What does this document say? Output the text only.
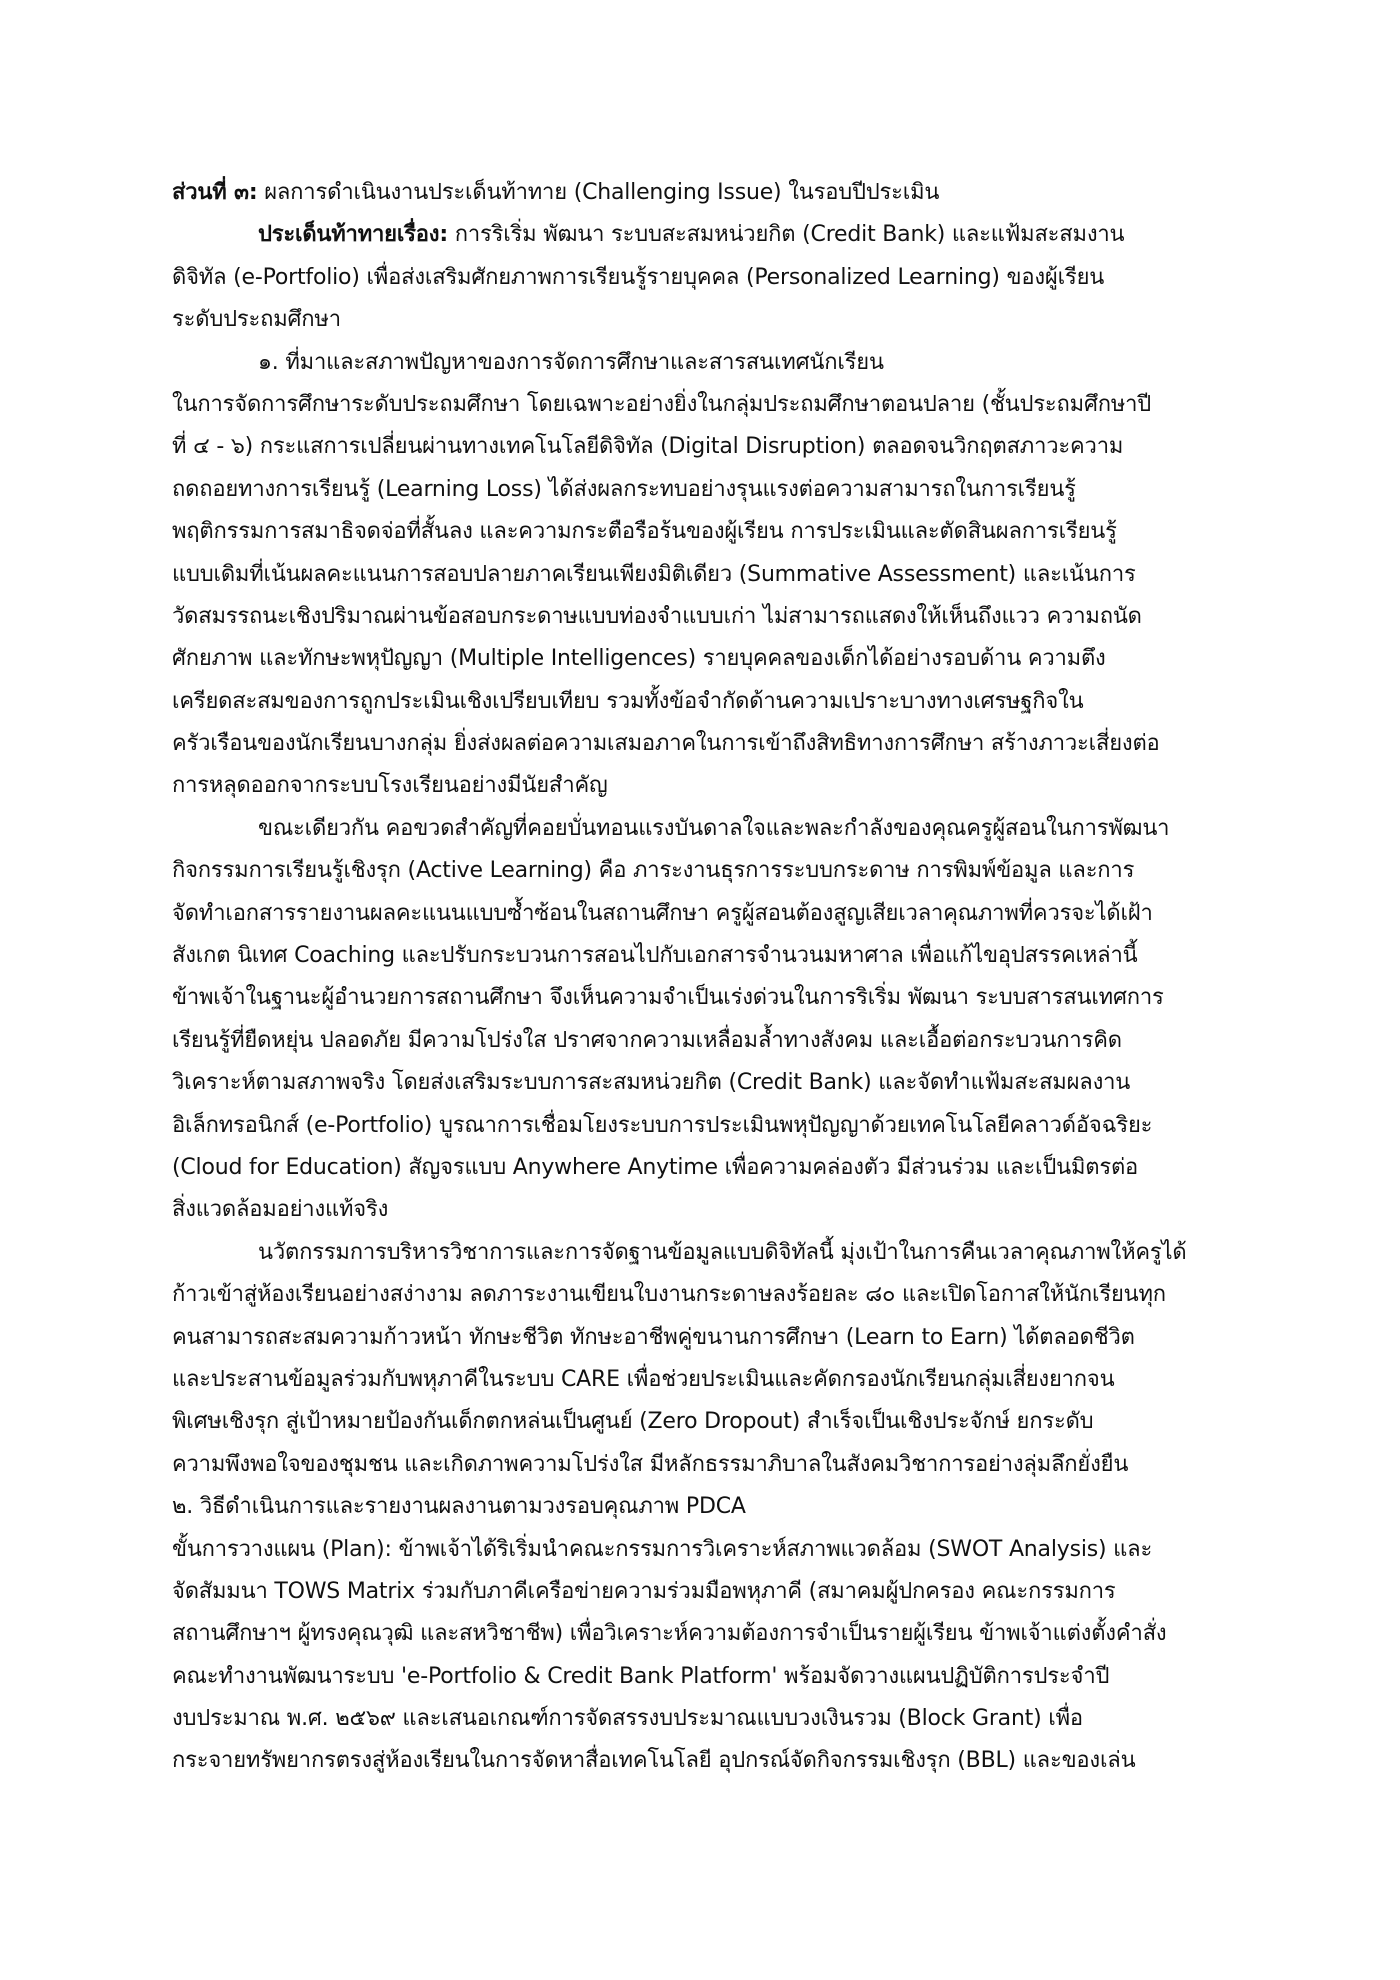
ส่วนที่ ๓: ผลการดำเนินงานประเด็นท้าทาย (Challenging Issue) ในรอบปีประเมิน
ประเด็นท้าทายเรื่อง: การริเริ่ม พัฒนา ระบบสะสมหน่วยกิต (Credit Bank) และแฟ้มสะสมงาน
ดิจิทัล (e-Portfolio) เพื่อส่งเสริมศักยภาพการเรียนรู้รายบุคคล (Personalized Learning) ของผู้เรียน
ระดับประถมศึกษา
๑. ที่มาและสภาพปัญหาของการจัดการศึกษาและสารสนเทศนักเรียน
ในการจัดการศึกษาระดับประถมศึกษา โดยเฉพาะอย่างยิ่งในกลุ่มประถมศึกษาตอนปลาย (ชั้นประถมศึกษาปี
ที่ ๔ - ๖) กระแสการเปลี่ยนผ่านทางเทคโนโลยีดิจิทัล (Digital Disruption) ตลอดจนวิกฤตสภาวะความ
ถดถอยทางการเรียนรู้ (Learning Loss) ได้ส่งผลกระทบอย่างรุนแรงต่อความสามารถในการเรียนรู้
พฤติกรรมการสมาธิจดจ่อที่สั้นลง และความกระตือรือร้นของผู้เรียน การประเมินและตัดสินผลการเรียนรู้
แบบเดิมที่เน้นผลคะแนนการสอบปลายภาคเรียนเพียงมิติเดียว (Summative Assessment) และเน้นการ
วัดสมรรถนะเชิงปริมาณผ่านข้อสอบกระดาษแบบท่องจำแบบเก่า ไม่สามารถแสดงให้เห็นถึงแวว ความถนัด
ศักยภาพ และทักษะพหุปัญญา (Multiple Intelligences) รายบุคคลของเด็กได้อย่างรอบด้าน ความตึง
เครียดสะสมของการถูกประเมินเชิงเปรียบเทียบ รวมทั้งข้อจำกัดด้านความเปราะบางทางเศรษฐกิจใน
ครัวเรือนของนักเรียนบางกลุ่ม ยิ่งส่งผลต่อความเสมอภาคในการเข้าถึงสิทธิทางการศึกษา สร้างภาวะเสี่ยงต่อ
การหลุดออกจากระบบโรงเรียนอย่างมีนัยสำคัญ
ขณะเดียวกัน คอขวดสำคัญที่คอยบั่นทอนแรงบันดาลใจและพละกำลังของคุณครูผู้สอนในการพัฒนา
กิจกรรมการเรียนรู้เชิงรุก (Active Learning) คือ ภาระงานธุรการระบบกระดาษ การพิมพ์ข้อมูล และการ
จัดทำเอกสารรายงานผลคะแนนแบบซ้ำซ้อนในสถานศึกษา ครูผู้สอนต้องสูญเสียเวลาคุณภาพที่ควรจะได้เฝ้า
สังเกต นิเทศ Coaching และปรับกระบวนการสอนไปกับเอกสารจำนวนมหาศาล เพื่อแก้ไขอุปสรรคเหล่านี้
ข้าพเจ้าในฐานะผู้อำนวยการสถานศึกษา จึงเห็นความจำเป็นเร่งด่วนในการริเริ่ม พัฒนา ระบบสารสนเทศการ
เรียนรู้ที่ยืดหยุ่น ปลอดภัย มีความโปร่งใส ปราศจากความเหลื่อมล้ำทางสังคม และเอื้อต่อกระบวนการคิด
วิเคราะห์ตามสภาพจริง โดยส่งเสริมระบบการสะสมหน่วยกิต (Credit Bank) และจัดทำแฟ้มสะสมผลงาน
อิเล็กทรอนิกส์ (e-Portfolio) บูรณาการเชื่อมโยงระบบการประเมินพหุปัญญาด้วยเทคโนโลยีคลาวด์อัจฉริยะ
(Cloud for Education) สัญจรแบบ Anywhere Anytime เพื่อความคล่องตัว มีส่วนร่วม และเป็นมิตรต่อ
สิ่งแวดล้อมอย่างแท้จริง
นวัตกรรมการบริหารวิชาการและการจัดฐานข้อมูลแบบดิจิทัลนี้ มุ่งเป้าในการคืนเวลาคุณภาพให้ครูได้
ก้าวเข้าสู่ห้องเรียนอย่างสง่างาม ลดภาระงานเขียนใบงานกระดาษลงร้อยละ ๘๐ และเปิดโอกาสให้นักเรียนทุก
คนสามารถสะสมความก้าวหน้า ทักษะชีวิต ทักษะอาชีพคู่ขนานการศึกษา (Learn to Earn) ได้ตลอดชีวิต
และประสานข้อมูลร่วมกับพหุภาคีในระบบ CARE เพื่อช่วยประเมินและคัดกรองนักเรียนกลุ่มเสี่ยงยากจน
พิเศษเชิงรุก สู่เป้าหมายป้องกันเด็กตกหล่นเป็นศูนย์ (Zero Dropout) สำเร็จเป็นเชิงประจักษ์ ยกระดับ
ความพึงพอใจของชุมชน และเกิดภาพความโปร่งใส มีหลักธรรมาภิบาลในสังคมวิชาการอย่างลุ่มลึกยั่งยืน
๒. วิธีดำเนินการและรายงานผลงานตามวงรอบคุณภาพ PDCA
ขั้นการวางแผน (Plan): ข้าพเจ้าได้ริเริ่มนำคณะกรรมการวิเคราะห์สภาพแวดล้อม (SWOT Analysis) และ
จัดสัมมนา TOWS Matrix ร่วมกับภาคีเครือข่ายความร่วมมือพหุภาคี (สมาคมผู้ปกครอง คณะกรรมการ
สถานศึกษาฯ ผู้ทรงคุณวุฒิ และสหวิชาชีพ) เพื่อวิเคราะห์ความต้องการจำเป็นรายผู้เรียน ข้าพเจ้าแต่งตั้งคำสั่ง
คณะทำงานพัฒนาระบบ 'e-Portfolio & Credit Bank Platform' พร้อมจัดวางแผนปฏิบัติการประจำปี
งบประมาณ พ.ศ. ๒๕๖๙ และเสนอเกณฑ์การจัดสรรงบประมาณแบบวงเงินรวม (Block Grant) เพื่อ
กระจายทรัพยากรตรงสู่ห้องเรียนในการจัดหาสื่อเทคโนโลยี อุปกรณ์จัดกิจกรรมเชิงรุก (BBL) และของเล่น
